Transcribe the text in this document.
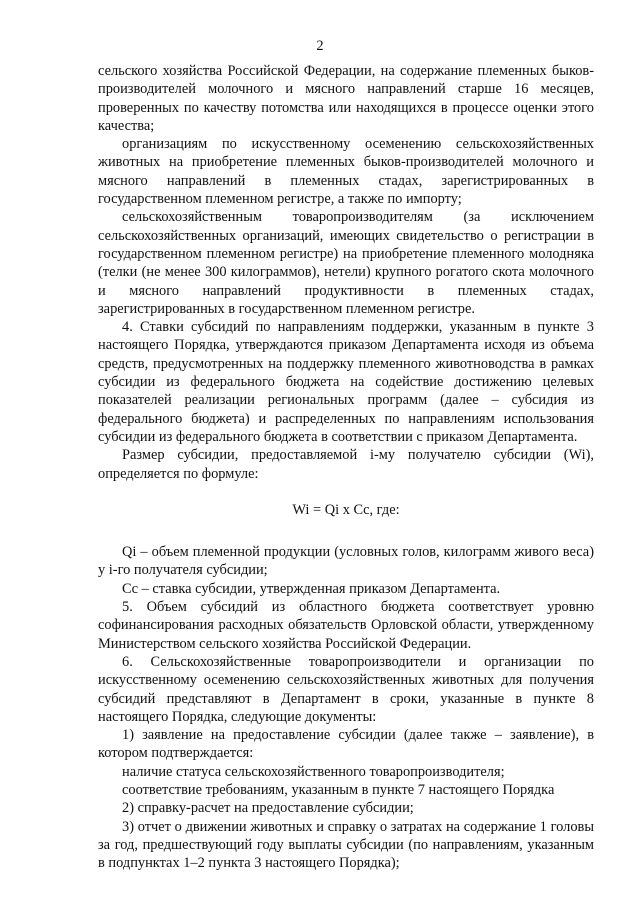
2

сельского хозяйства Российской Федерации, на содержание племенных быков-производителей молочного и мясного направлений старше 16 месяцев, проверенных по качеству потомства или находящихся в процессе оценки этого качества;

организациям по искусственному осеменению сельскохозяйственных животных на приобретение племенных быков-производителей молочного и мясного направлений в племенных стадах, зарегистрированных в государственном племенном регистре, а также по импорту;

сельскохозяйственным товаропроизводителям (за исключением сельскохозяйственных организаций, имеющих свидетельство о регистрации в государственном племенном регистре) на приобретение племенного молодняка (телки (не менее 300 килограммов), нетели) крупного рогатого скота молочного и мясного направлений продуктивности в племенных стадах, зарегистрированных в государственном племенном регистре.

4. Ставки субсидий по направлениям поддержки, указанным в пункте 3 настоящего Порядка, утверждаются приказом Департамента исходя из объема средств, предусмотренных на поддержку племенного животноводства в рамках субсидии из федерального бюджета на содействие достижению целевых показателей реализации региональных программ (далее – субсидия из федерального бюджета) и распределенных по направлениям использования субсидии из федерального бюджета в соответствии с приказом Департамента.

Размер субсидии, предоставляемой i-му получателю субсидии (Wi), определяется по формуле:

Wi = Qi x Cc, где:

Qi – объем племенной продукции (условных голов, килограмм живого веса) у i-го получателя субсидии;

Cc – ставка субсидии, утвержденная приказом Департамента.

5. Объем субсидий из областного бюджета соответствует уровню софинансирования расходных обязательств Орловской области, утвержденному Министерством сельского хозяйства Российской Федерации.

6. Сельскохозяйственные товаропроизводители и организации по искусственному осеменению сельскохозяйственных животных для получения субсидий представляют в Департамент в сроки, указанные в пункте 8 настоящего Порядка, следующие документы:

1) заявление на предоставление субсидии (далее также – заявление), в котором подтверждается:

наличие статуса сельскохозяйственного товаропроизводителя;

соответствие требованиям, указанным в пункте 7 настоящего Порядка

2) справку-расчет на предоставление субсидии;

3) отчет о движении животных и справку о затратах на содержание 1 головы за год, предшествующий году выплаты субсидии (по направлениям, указанным в подпунктах 1–2 пункта 3 настоящего Порядка);
